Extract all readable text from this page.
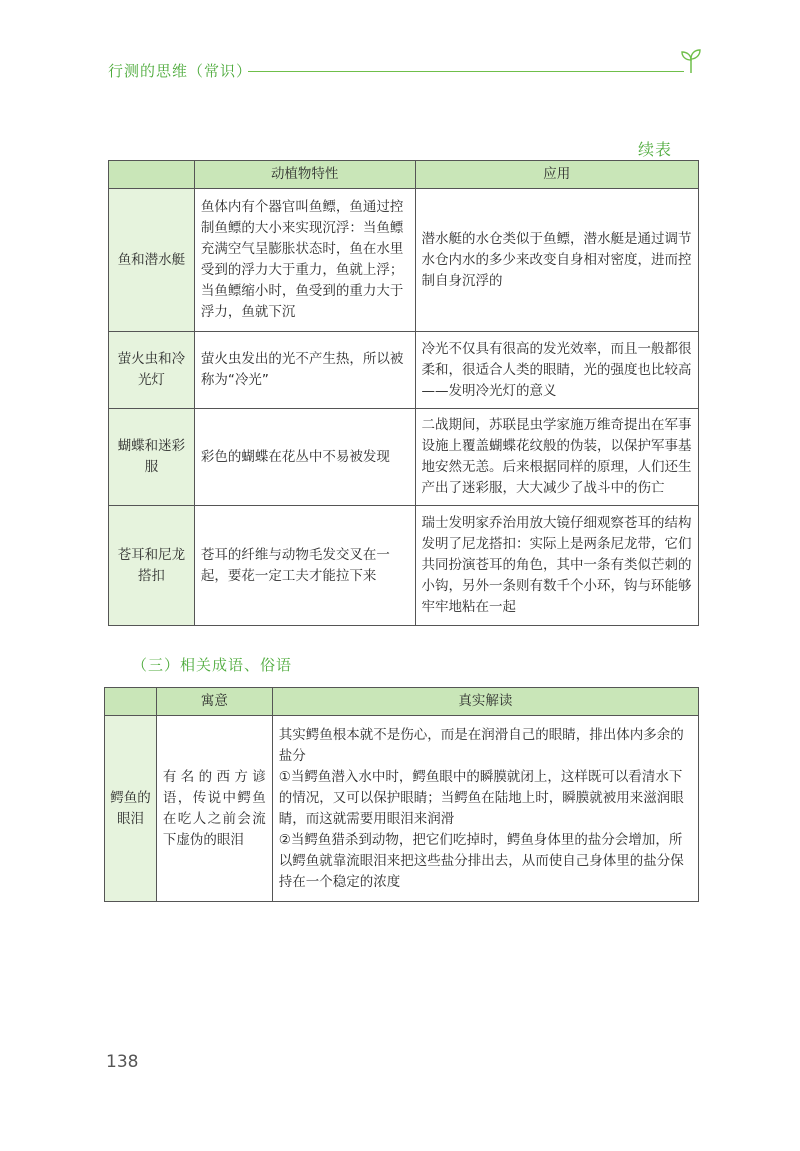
行测的思维（常识）
续表
	动植物特性	应用
鱼和潜水艇	鱼体内有个器官叫鱼鳔，鱼通过控制鱼鳔的大小来实现沉浮：当鱼鳔充满空气呈膨胀状态时，鱼在水里受到的浮力大于重力，鱼就上浮；当鱼鳔缩小时，鱼受到的重力大于浮力，鱼就下沉	潜水艇的水仓类似于鱼鳔，潜水艇是通过调节水仓内水的多少来改变自身相对密度，进而控制自身沉浮的
萤火虫和冷光灯	萤火虫发出的光不产生热，所以被称为“冷光”	冷光不仅具有很高的发光效率，而且一般都很柔和，很适合人类的眼睛，光的强度也比较高——发明冷光灯的意义
蝴蝶和迷彩服	彩色的蝴蝶在花丛中不易被发现	二战期间，苏联昆虫学家施万维奇提出在军事设施上覆盖蝴蝶花纹般的伪装，以保护军事基地安然无恙。后来根据同样的原理，人们还生产出了迷彩服，大大减少了战斗中的伤亡
苍耳和尼龙搭扣	苍耳的纤维与动物毛发交叉在一起，要花一定工夫才能拉下来	瑞士发明家乔治用放大镜仔细观察苍耳的结构发明了尼龙搭扣：实际上是两条尼龙带，它们共同扮演苍耳的角色，其中一条有类似芒刺的小钩，另外一条则有数千个小环，钩与环能够牢牢地粘在一起
（三）相关成语、俗语
	寓意	真实解读
鳄鱼的眼泪	有名的西方谚语，传说中鳄鱼在吃人之前会流下虚伪的眼泪	其实鳄鱼根本就不是伤心，而是在润滑自己的眼睛，排出体内多余的盐分
①当鳄鱼潜入水中时，鳄鱼眼中的瞬膜就闭上，这样既可以看清水下的情况，又可以保护眼睛；当鳄鱼在陆地上时，瞬膜就被用来滋润眼睛，而这就需要用眼泪来润滑
②当鳄鱼猎杀到动物，把它们吃掉时，鳄鱼身体里的盐分会增加，所以鳄鱼就靠流眼泪来把这些盐分排出去，从而使自己身体里的盐分保持在一个稳定的浓度
138
